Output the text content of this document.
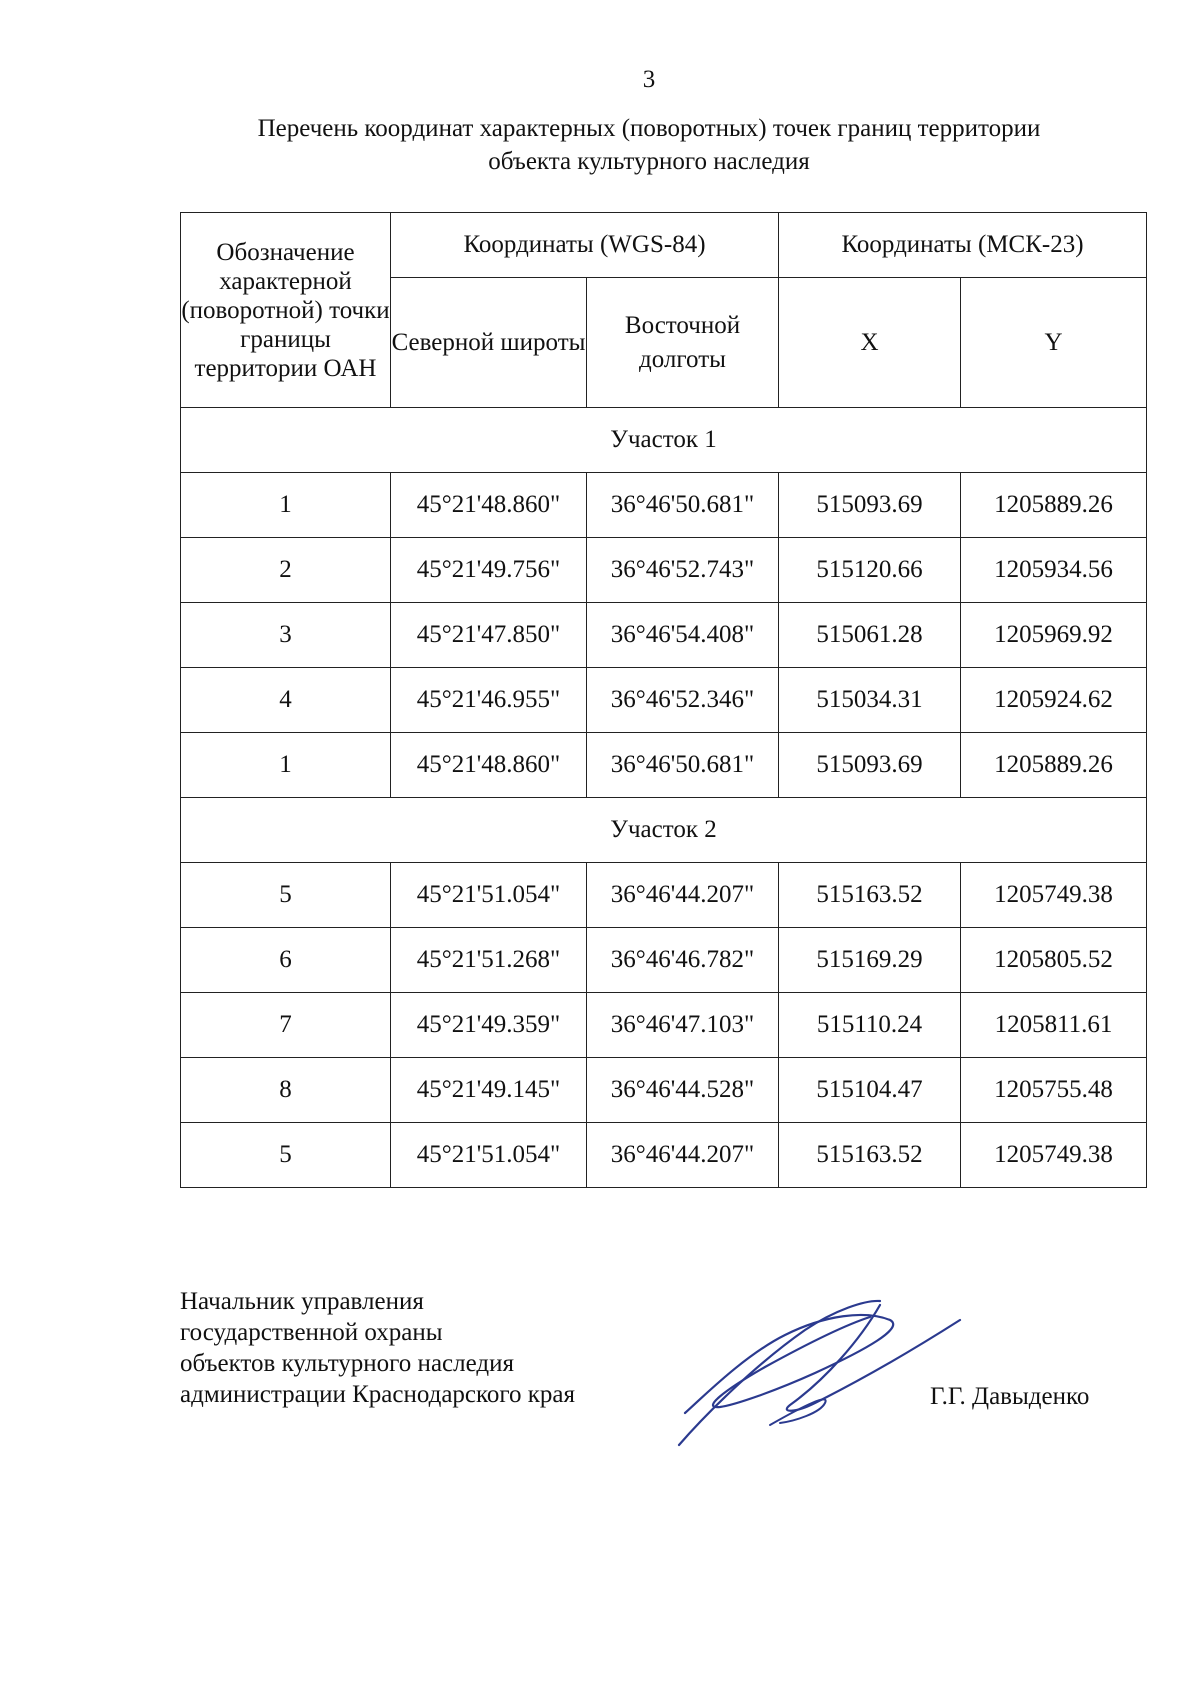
3
Перечень координат характерных (поворотных) точек границ территории
объекта культурного наследия
Обозначение характерной (поворотной) точки границы территории ОАН	Координаты (WGS-84)		Координаты (МСК-23)	
	Северной широты	Восточной долготы	X	Y
Участок 1				
1	45°21'48.860"	36°46'50.681"	515093.69	1205889.26
2	45°21'49.756"	36°46'52.743"	515120.66	1205934.56
3	45°21'47.850"	36°46'54.408"	515061.28	1205969.92
4	45°21'46.955"	36°46'52.346"	515034.31	1205924.62
1	45°21'48.860"	36°46'50.681"	515093.69	1205889.26
Участок 2				
5	45°21'51.054"	36°46'44.207"	515163.52	1205749.38
6	45°21'51.268"	36°46'46.782"	515169.29	1205805.52
7	45°21'49.359"	36°46'47.103"	515110.24	1205811.61
8	45°21'49.145"	36°46'44.528"	515104.47	1205755.48
5	45°21'51.054"	36°46'44.207"	515163.52	1205749.38
Начальник управления
государственной охраны
объектов культурного наследия
администрации Краснодарского края	Г.Г. Давыденко
